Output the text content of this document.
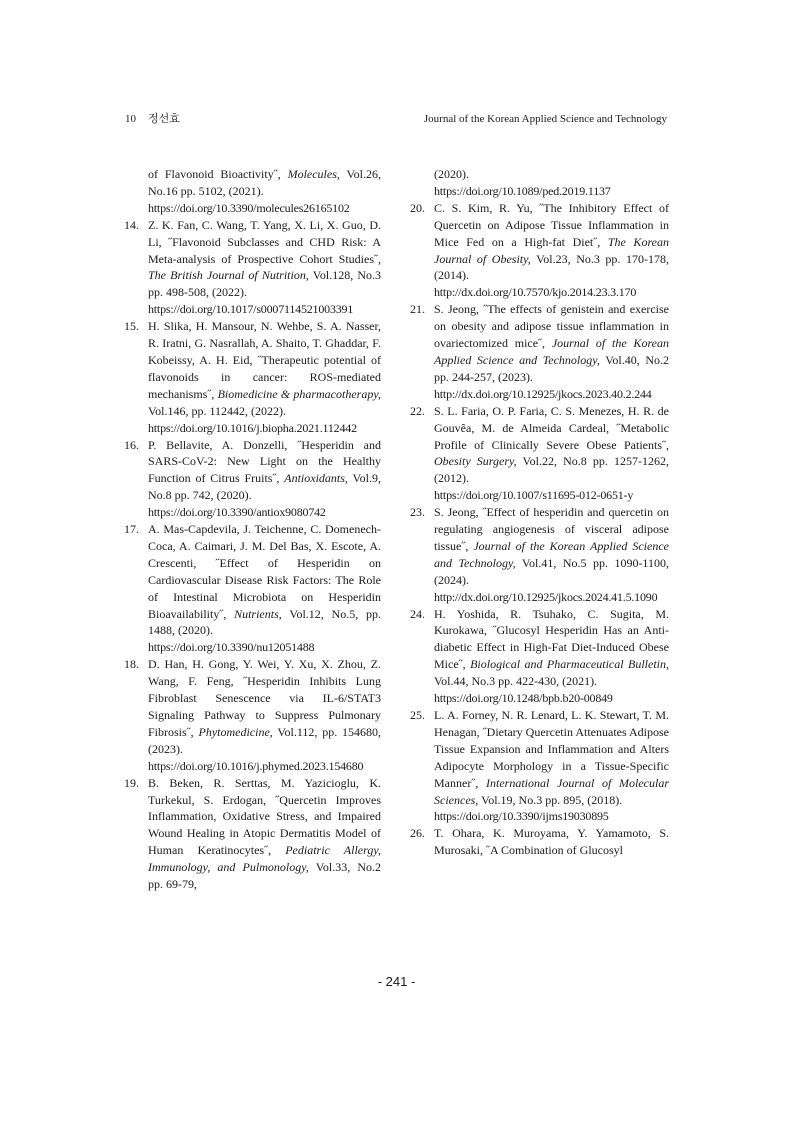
10 정선효	Journal of the Korean Applied Science and Technology
of Flavonoid Bioactivity˝, Molecules, Vol.26, No.16 pp. 5102, (2021).
https://doi.org/10.3390/molecules26165102
14. Z. K. Fan, C. Wang, T. Yang, X. Li, X. Guo, D. Li, ˝Flavonoid Subclasses and CHD Risk: A Meta-analysis of Prospective Cohort Studies˝, The British Journal of Nutrition, Vol.128, No.3 pp. 498-508, (2022).
https://doi.org/10.1017/s0007114521003391
15. H. Slika, H. Mansour, N. Wehbe, S. A. Nasser, R. Iratni, G. Nasrallah, A. Shaito, T. Ghaddar, F. Kobeissy, A. H. Eid, ˝Therapeutic potential of flavonoids in cancer: ROS-mediated mechanisms˝, Biomedicine & pharmacotherapy, Vol.146, pp. 112442, (2022).
https://doi.org/10.1016/j.biopha.2021.112442
16. P. Bellavite, A. Donzelli, ˝Hesperidin and SARS-CoV-2: New Light on the Healthy Function of Citrus Fruits˝, Antioxidants, Vol.9, No.8 pp. 742, (2020).
https://doi.org/10.3390/antiox9080742
17. A. Mas-Capdevila, J. Teichenne, C. Domenech-Coca, A. Caimari, J. M. Del Bas, X. Escote, A. Crescenti, ˝Effect of Hesperidin on Cardiovascular Disease Risk Factors: The Role of Intestinal Microbiota on Hesperidin Bioavailability˝, Nutrients, Vol.12, No.5, pp. 1488, (2020).
https://doi.org/10.3390/nu12051488
18. D. Han, H. Gong, Y. Wei, Y. Xu, X. Zhou, Z. Wang, F. Feng, ˝Hesperidin Inhibits Lung Fibroblast Senescence via IL-6/STAT3 Signaling Pathway to Suppress Pulmonary Fibrosis˝, Phytomedicine, Vol.112, pp. 154680, (2023).
https://doi.org/10.1016/j.phymed.2023.154680
19. B. Beken, R. Serttas, M. Yazicioglu, K. Turkekul, S. Erdogan, ˝Quercetin Improves Inflammation, Oxidative Stress, and Impaired Wound Healing in Atopic Dermatitis Model of Human Keratinocytes˝, Pediatric Allergy, Immunology, and Pulmonology, Vol.33, No.2 pp. 69-79,
(2020).
https://doi.org/10.1089/ped.2019.1137
20. C. S. Kim, R. Yu, ˝The Inhibitory Effect of Quercetin on Adipose Tissue Inflammation in Mice Fed on a High-fat Diet˝, The Korean Journal of Obesity, Vol.23, No.3 pp. 170-178, (2014).
http://dx.doi.org/10.7570/kjo.2014.23.3.170
21. S. Jeong, ˝The effects of genistein and exercise on obesity and adipose tissue inflammation in ovariectomized mice˝, Journal of the Korean Applied Science and Technology, Vol.40, No.2 pp. 244-257, (2023).
http://dx.doi.org/10.12925/jkocs.2023.40.2.244
22. S. L. Faria, O. P. Faria, C. S. Menezes, H. R. de Gouvêa, M. de Almeida Cardeal, ˝Metabolic Profile of Clinically Severe Obese Patients˝, Obesity Surgery, Vol.22, No.8 pp. 1257-1262, (2012).
https://doi.org/10.1007/s11695-012-0651-y
23. S. Jeong, ˝Effect of hesperidin and quercetin on regulating angiogenesis of visceral adipose tissue˝, Journal of the Korean Applied Science and Technology, Vol.41, No.5 pp. 1090-1100, (2024).
http://dx.doi.org/10.12925/jkocs.2024.41.5.1090
24. H. Yoshida, R. Tsuhako, C. Sugita, M. Kurokawa, ˝Glucosyl Hesperidin Has an Anti-diabetic Effect in High-Fat Diet-Induced Obese Mice˝, Biological and Pharmaceutical Bulletin, Vol.44, No.3 pp. 422-430, (2021).
https://doi.org/10.1248/bpb.b20-00849
25. L. A. Forney, N. R. Lenard, L. K. Stewart, T. M. Henagan, ˝Dietary Quercetin Attenuates Adipose Tissue Expansion and Inflammation and Alters Adipocyte Morphology in a Tissue-Specific Manner˝, International Journal of Molecular Sciences, Vol.19, No.3 pp. 895, (2018).
https://doi.org/10.3390/ijms19030895
26. T. Ohara, K. Muroyama, Y. Yamamoto, S. Murosaki, ˝A Combination of Glucosyl
- 241 -
